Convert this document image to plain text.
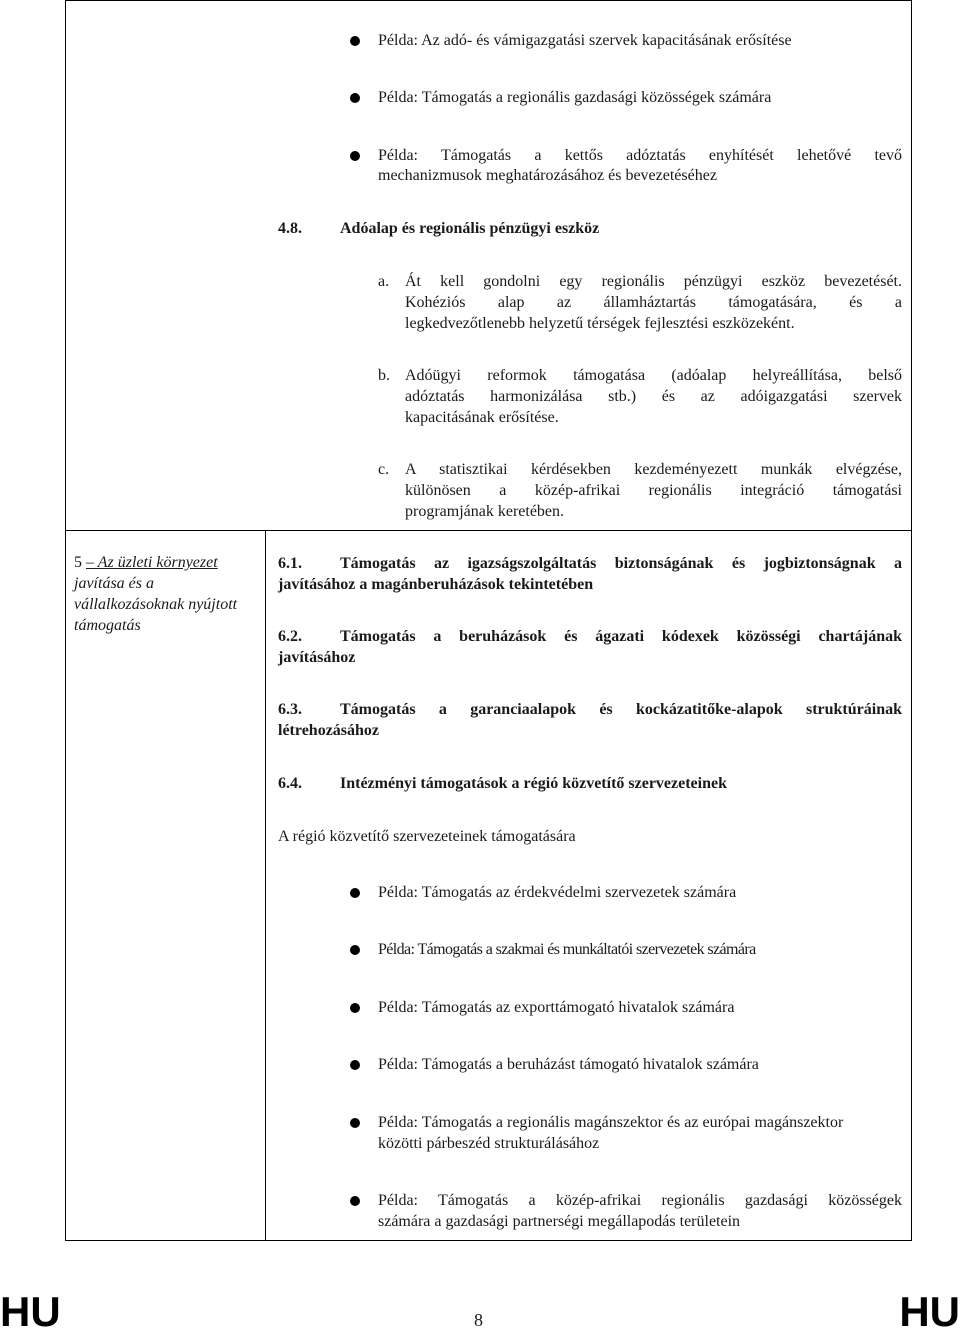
Példa: Az adó- és vámigazgatási szervek kapacitásának erősítése

Példa: Támogatás a regionális gazdasági közösségek számára

Példa: Támogatás a kettős adóztatás enyhítését lehetővé tevő

mechanizmusok meghatározásához és bevezetéséhez

4.8. Adóalap és regionális pénzügyi eszköz

a. Át kell gondolni egy regionális pénzügyi eszköz bevezetését.

Kohéziós alap az államháztartás támogatására, és a

legkedvezőtlenebb helyzetű térségek fejlesztési eszközeként.

b. Adóügyi reformok támogatása (adóalap helyreállítása, belső

adóztatás harmonizálása stb.) és az adóigazgatási szervek

kapacitásának erősítése.

c. A statisztikai kérdésekben kezdeményezett munkák elvégzése,

különösen a közép-afrikai regionális integráció támogatási

programjának keretében.

5 – Az üzleti környezet
javítása és a
vállalkozásoknak nyújtott
támogatás

6.1. Támogatás az igazságszolgáltatás biztonságának és jogbiztonságnak a

javításához a magánberuházások tekintetében

6.2. Támogatás a beruházások és ágazati kódexek közösségi chartájának

javításához

6.3. Támogatás a garanciaalapok és kockázatitőke-alapok struktúráinak

létrehozásához

6.4. Intézményi támogatások a régió közvetítő szervezeteinek

A régió közvetítő szervezeteinek támogatására

Példa: Támogatás az érdekvédelmi szervezetek számára

Példa: Támogatás a szakmai és munkáltatói szervezetek számára

Példa: Támogatás az exporttámogató hivatalok számára

Példa: Támogatás a beruházást támogató hivatalok számára

Példa: Támogatás a regionális magánszektor és az európai magánszektor

közötti párbeszéd strukturálásához

Példa: Támogatás a közép-afrikai regionális gazdasági közösségek

számára a gazdasági partnerségi megállapodás területein

HU	8	HU
